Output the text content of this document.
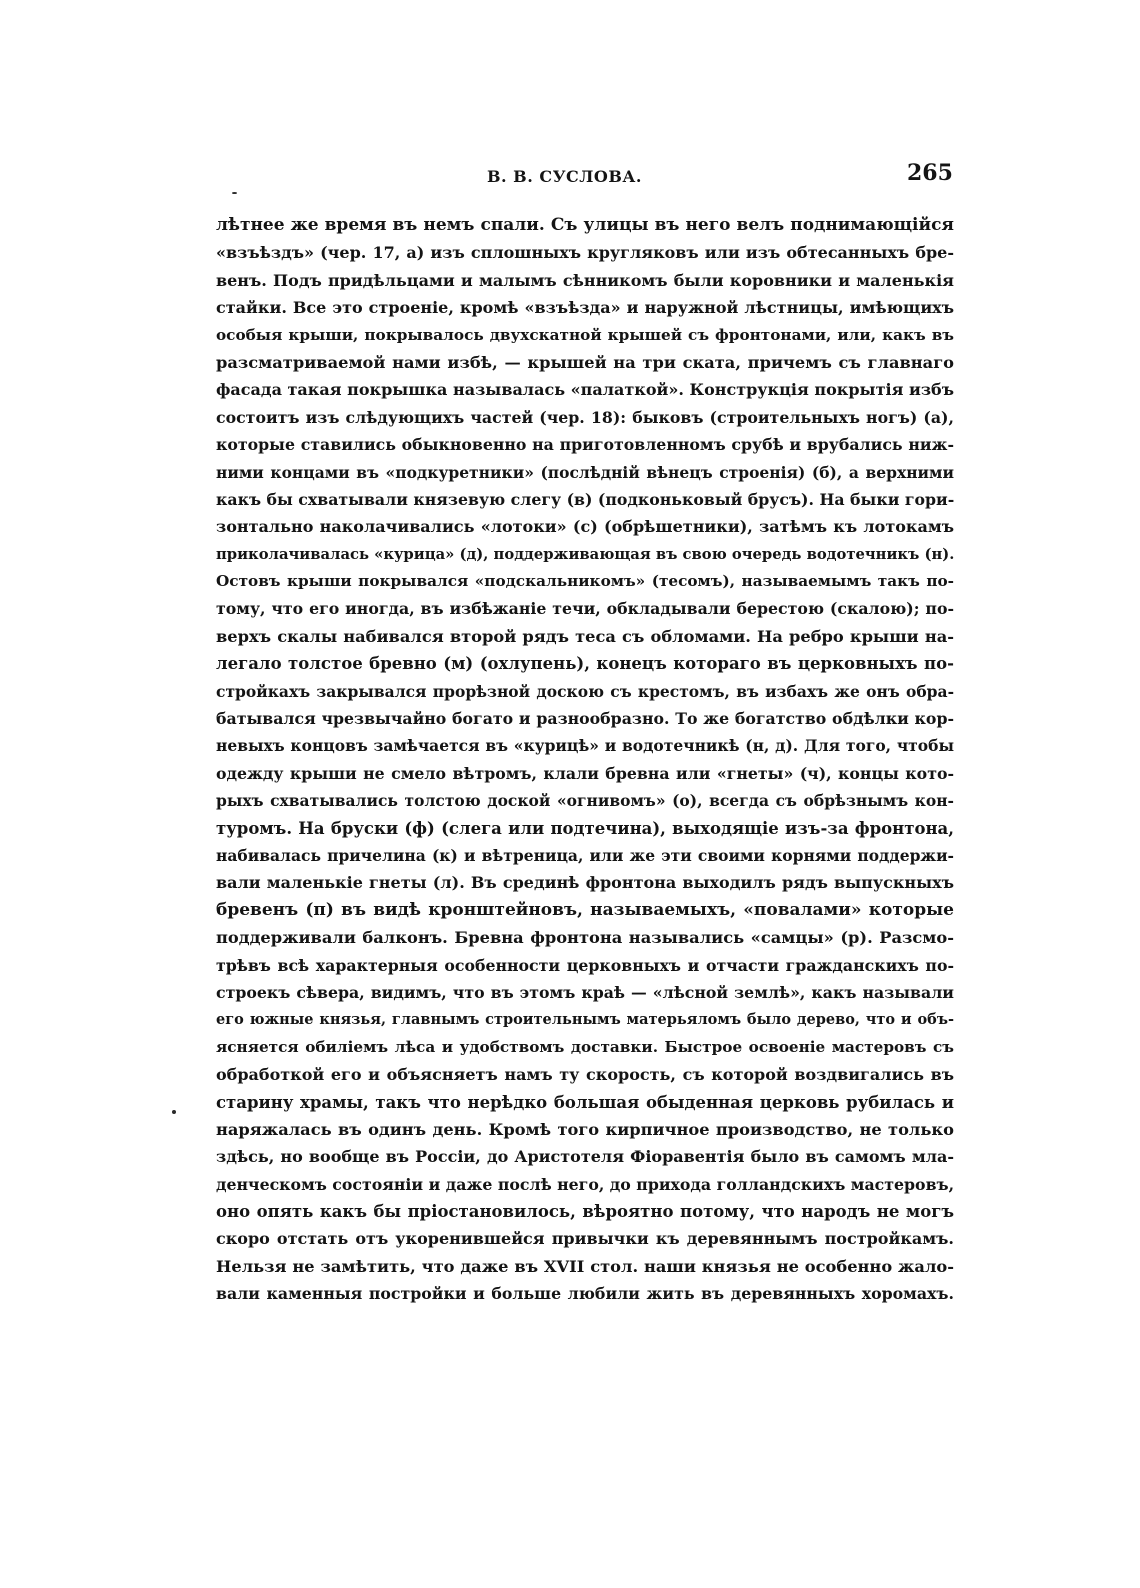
В. В. СУСЛОВА.	265
лѣтнее же время въ немъ спали. Съ улицы въ него велъ поднимающійся
«взъѣздъ» (чер. 17, а) изъ сплошныхъ кругляковъ или изъ обтесанныхъ бре-
венъ. Подъ придѣльцами и малымъ сѣнникомъ были коровники и маленькія
стайки. Все это строеніе, кромѣ «взъѣзда» и наружной лѣстницы, имѣющихъ
особыя крыши, покрывалось двухскатной крышей съ фронтонами, или, какъ въ
разсматриваемой нами избѣ, — крышей на три ската, причемъ съ главнаго
фасада такая покрышка называлась «палаткой». Конструкція покрытія избъ
состоитъ изъ слѣдующихъ частей (чер. 18): быковъ (строительныхъ ногъ) (а),
которые ставились обыкновенно на приготовленномъ срубѣ и врубались ниж-
ними концами въ «подкуретники» (послѣдній вѣнецъ строенія) (б), а верхними
какъ бы схватывали князевую слегу (в) (подконьковый брусъ). На быки гори-
зонтально наколачивались «лотоки» (с) (обрѣшетники), затѣмъ къ лотокамъ
приколачивалась «курица» (д), поддерживающая въ свою очередь водотечникъ (н).
Остовъ крыши покрывался «подскальникомъ» (тесомъ), называемымъ такъ по-
тому, что его иногда, въ избѣжаніе течи, обкладывали берестою (скалою); по-
верхъ скалы набивался второй рядъ теса съ обломами. На ребро крыши на-
легало толстое бревно (м) (охлупень), конецъ котораго въ церковныхъ по-
стройкахъ закрывался прорѣзной доскою съ крестомъ, въ избахъ же онъ обра-
батывался чрезвычайно богато и разнообразно. То же богатство обдѣлки кор-
невыхъ концовъ замѣчается въ «курицѣ» и водотечникѣ (н, д). Для того, чтобы
одежду крыши не смело вѣтромъ, клали бревна или «гнеты» (ч), концы кото-
рыхъ схватывались толстою доской «огнивомъ» (о), всегда съ обрѣзнымъ кон-
туромъ. На бруски (ф) (слега или подтечина), выходящіе изъ-за фронтона,
набивалась причелина (к) и вѣтреница, или же эти своими корнями поддержи-
вали маленькіе гнеты (л). Въ срединѣ фронтона выходилъ рядъ выпускныхъ
бревенъ (п) въ видѣ кронштейновъ, называемыхъ, «повалами» которые
поддерживали балконъ. Бревна фронтона назывались «самцы» (р). Разсмо-
трѣвъ всѣ характерныя особенности церковныхъ и отчасти гражданскихъ по-
строекъ сѣвера, видимъ, что въ этомъ краѣ — «лѣсной землѣ», какъ называли
его южные князья, главнымъ строительнымъ матерьяломъ было дерево, что и объ-
ясняется обиліемъ лѣса и удобствомъ доставки. Быстрое освоеніе мастеровъ съ
обработкой его и объясняетъ намъ ту скорость, съ которой воздвигались въ
старину храмы, такъ что нерѣдко большая обыденная церковь рубилась и
наряжалась въ одинъ день. Кромѣ того кирпичное производство, не только
здѣсь, но вообще въ Россіи, до Аристотеля Фіоравентія было въ самомъ мла-
денческомъ состояніи и даже послѣ него, до прихода голландскихъ мастеровъ,
оно опять какъ бы пріостановилось, вѣроятно потому, что народъ не могъ
скоро отстать отъ укоренившейся привычки къ деревяннымъ постройкамъ.
Нельзя не замѣтить, что даже въ XVII стол. наши князья не особенно жало-
вали каменныя постройки и больше любили жить въ деревянныхъ хоромахъ.
